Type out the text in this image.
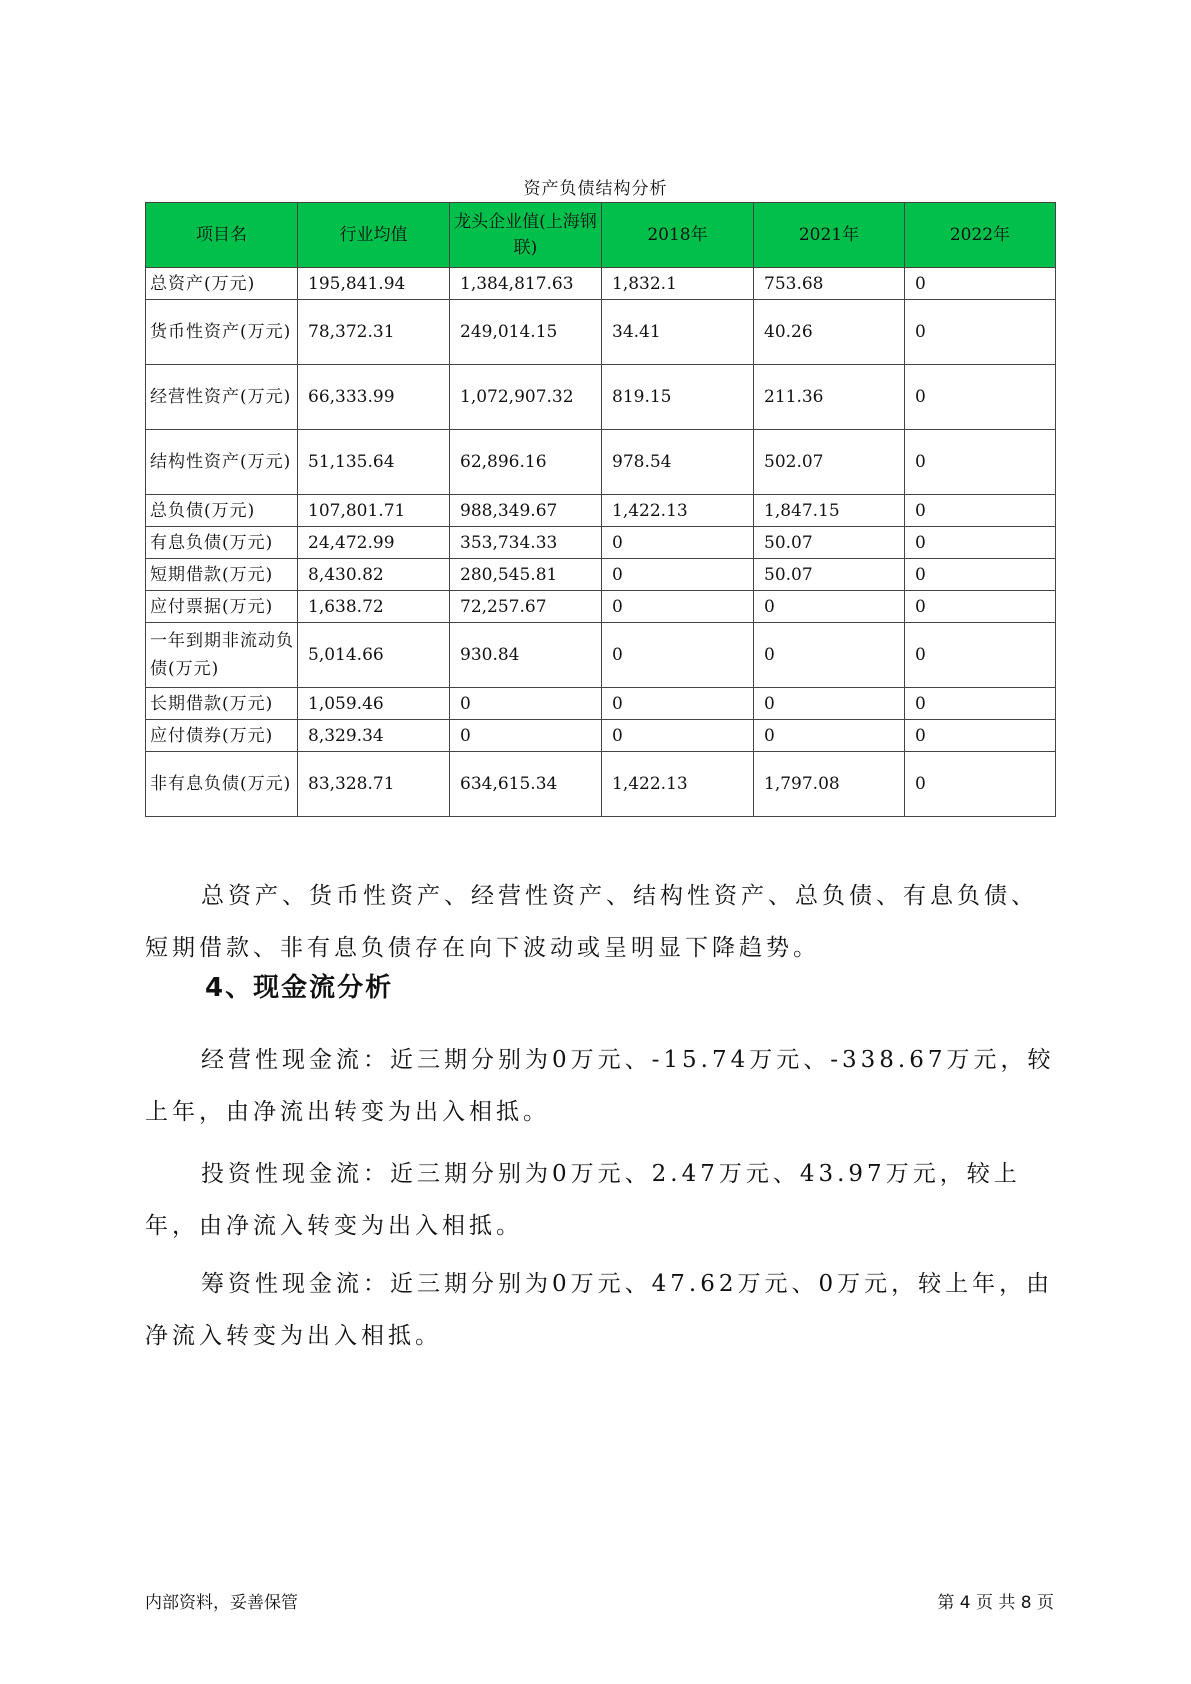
资产负债结构分析
项目名	行业均值	龙头企业值(上海钢联)	2018年	2021年	2022年
总资产(万元)	195,841.94	1,384,817.63	1,832.1	753.68	0
货币性资产(万元)	78,372.31	249,014.15	34.41	40.26	0
经营性资产(万元)	66,333.99	1,072,907.32	819.15	211.36	0
结构性资产(万元)	51,135.64	62,896.16	978.54	502.07	0
总负债(万元)	107,801.71	988,349.67	1,422.13	1,847.15	0
有息负债(万元)	24,472.99	353,734.33	0	50.07	0
短期借款(万元)	8,430.82	280,545.81	0	50.07	0
应付票据(万元)	1,638.72	72,257.67	0	0	0
一年到期非流动负债(万元)	5,014.66	930.84	0	0	0
长期借款(万元)	1,059.46	0	0	0	0
应付债券(万元)	8,329.34	0	0	0	0
非有息负债(万元)	83,328.71	634,615.34	1,422.13	1,797.08	0

总资产、货币性资产、经营性资产、结构性资产、总负债、有息负债、短期借款、非有息负债存在向下波动或呈明显下降趋势。

4、现金流分析

经营性现金流：近三期分别为0万元、-15.74万元、-338.67万元，较上年，由净流出转变为出入相抵。

投资性现金流：近三期分别为0万元、2.47万元、43.97万元，较上年，由净流入转变为出入相抵。

筹资性现金流：近三期分别为0万元、47.62万元、0万元，较上年，由净流入转变为出入相抵。

内部资料，妥善保管	第 4 页 共 8 页
